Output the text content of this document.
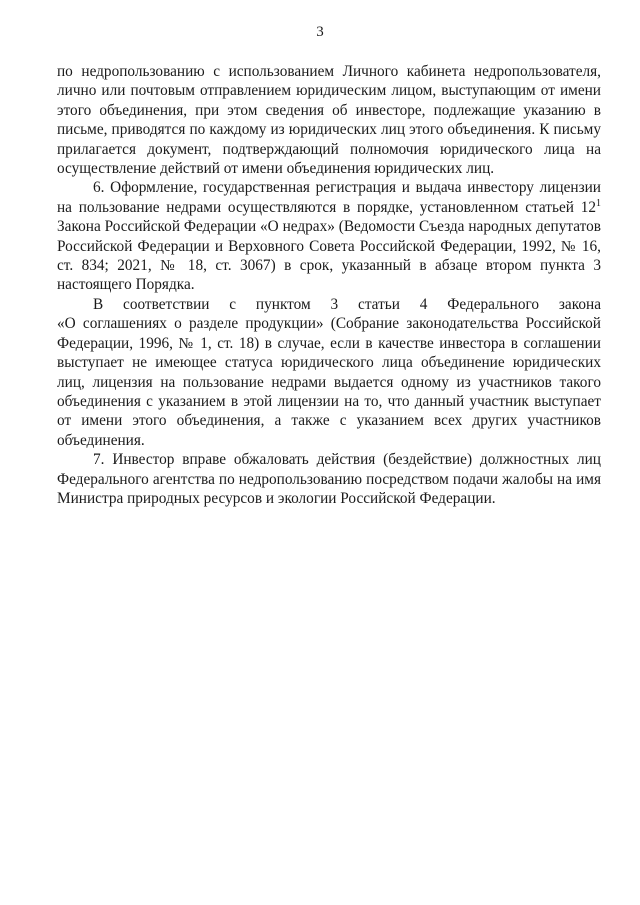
3

по недропользованию с использованием Личного кабинета недропользователя, лично или почтовым отправлением юридическим лицом, выступающим от имени этого объединения, при этом сведения об инвесторе, подлежащие указанию в письме, приводятся по каждому из юридических лиц этого объединения. К письму прилагается документ, подтверждающий полномочия юридического лица на осуществление действий от имени объединения юридических лиц.

6. Оформление, государственная регистрация и выдача инвестору лицензии на пользование недрами осуществляются в порядке, установленном статьей $12^1$ Закона Российской Федерации «О недрах» (Ведомости Съезда народных депутатов Российской Федерации и Верховного Совета Российской Федерации, 1992, № 16, ст. 834; 2021, № 18, ст. 3067) в срок, указанный в абзаце втором пункта 3 настоящего Порядка.

В соответствии с пунктом 3 статьи 4 Федерального закона
«О соглашениях о разделе продукции» (Собрание законодательства Российской Федерации, 1996, № 1, ст. 18) в случае, если в качестве инвестора в соглашении выступает не имеющее статуса юридического лица объединение юридических лиц, лицензия на пользование недрами выдается одному из участников такого объединения с указанием в этой лицензии на то, что данный участник выступает от имени этого объединения, а также с указанием всех других участников объединения.

7. Инвестор вправе обжаловать действия (бездействие) должностных лиц Федерального агентства по недропользованию посредством подачи жалобы на имя Министра природных ресурсов и экологии Российской Федерации.
